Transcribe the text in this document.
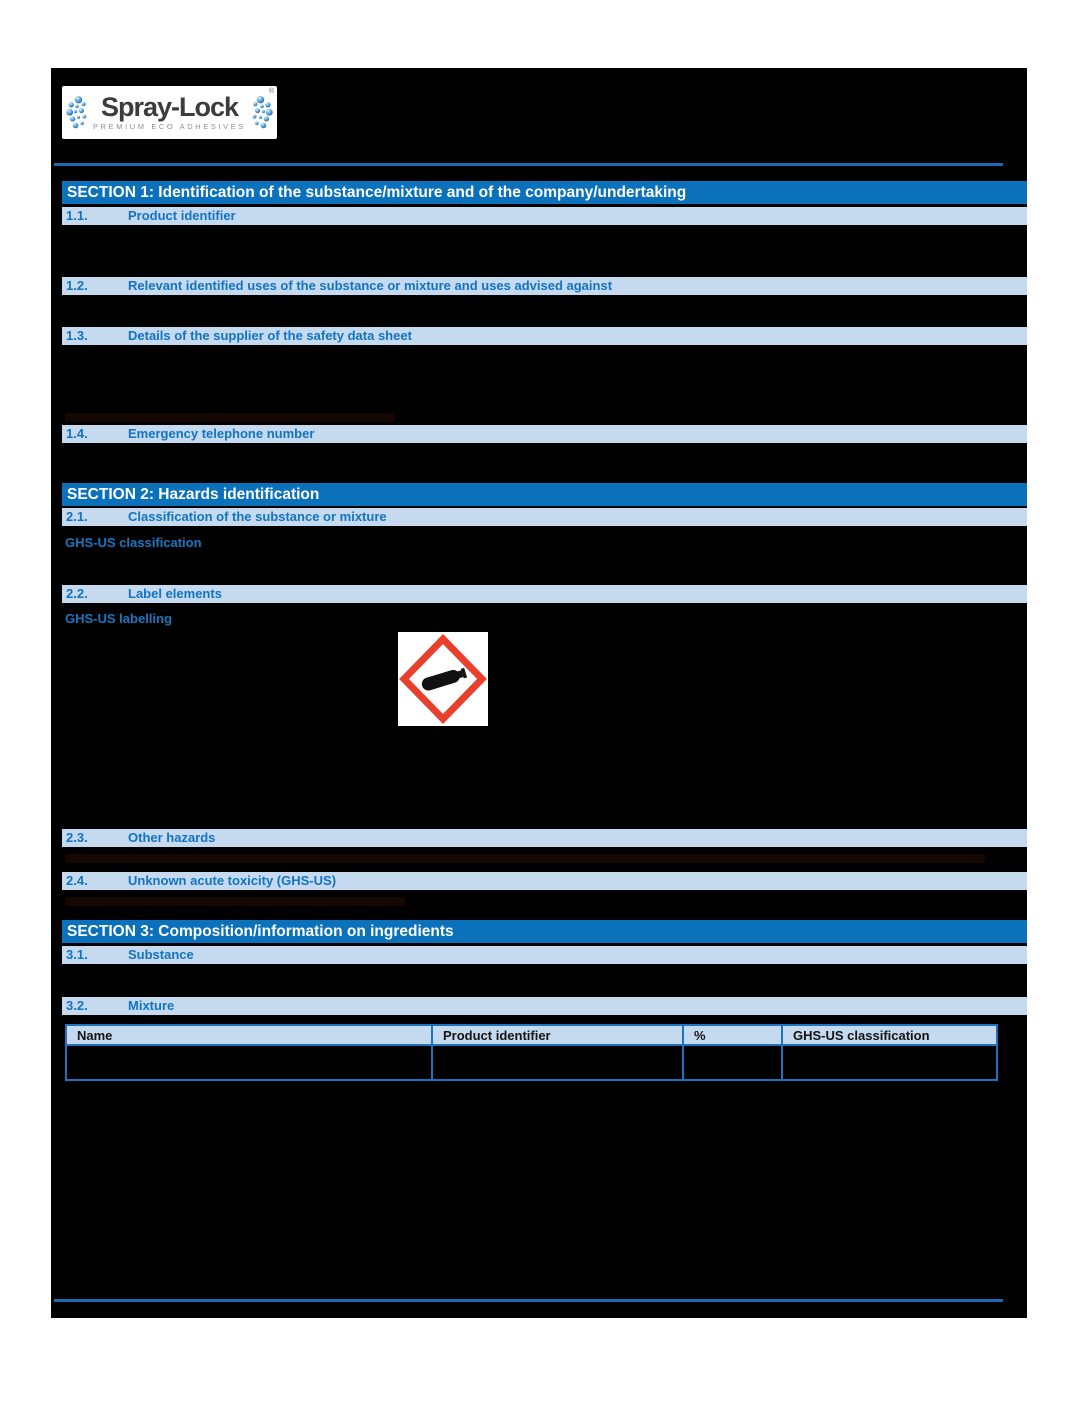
Spray-Lock
PREMIUM ECO ADHESIVES
®
SECTION 1: Identification of the substance/mixture and of the company/undertaking
1.1.	Product identifier
1.2.	Relevant identified uses of the substance or mixture and uses advised against
1.3.	Details of the supplier of the safety data sheet
1.4.	Emergency telephone number
SECTION 2: Hazards identification
2.1.	Classification of the substance or mixture
GHS-US classification
2.2.	Label elements
GHS-US labelling
2.3.	Other hazards
2.4.	Unknown acute toxicity (GHS-US)
SECTION 3: Composition/information on ingredients
3.1.	Substance
3.2.	Mixture
Name	Product identifier	%	GHS-US classification
